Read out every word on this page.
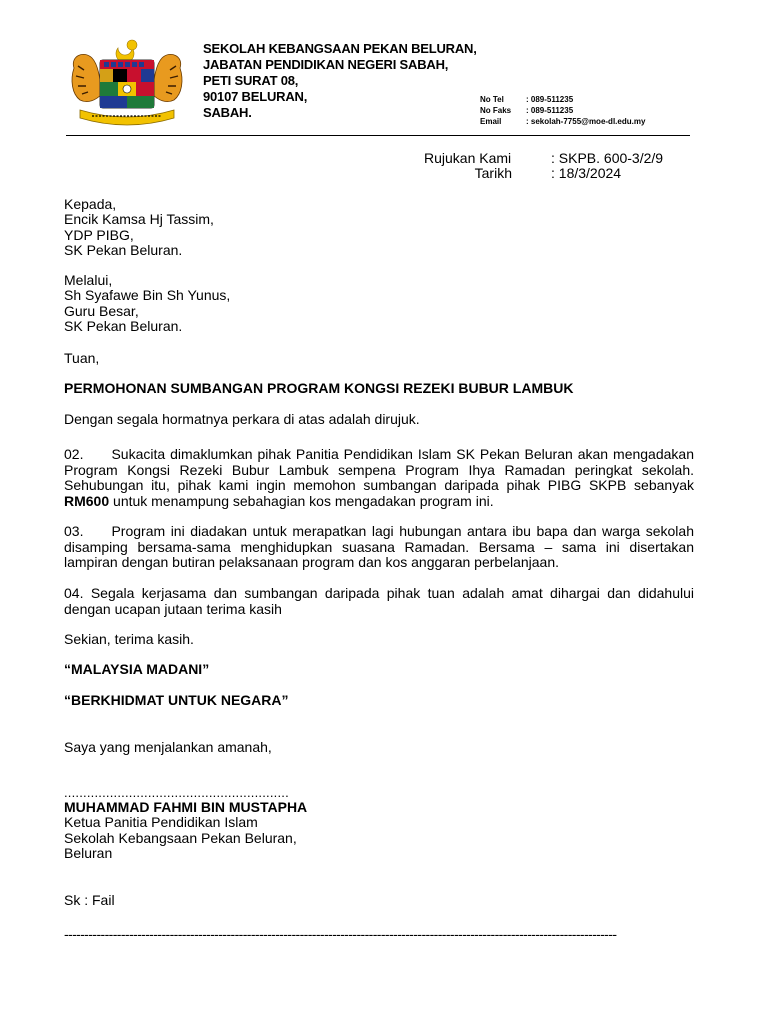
SEKOLAH KEBANGSAAN PEKAN BELURAN,
JABATAN PENDIDIKAN NEGERI SABAH,
PETI SURAT 08,
90107 BELURAN,
SABAH.
No Tel	: 089-511235
No Faks	: 089-511235
Email	: sekolah-7755@moe-dl.edu.my
Rujukan Kami	: SKPB. 600-3/2/9
Tarikh	: 18/3/2024
Kepada,
Encik Kamsa Hj Tassim,
YDP PIBG,
SK Pekan Beluran.
Melalui,
Sh Syafawe Bin Sh Yunus,
Guru Besar,
SK Pekan Beluran.
Tuan,
PERMOHONAN SUMBANGAN PROGRAM KONGSI REZEKI BUBUR LAMBUK
Dengan segala hormatnya perkara di atas adalah dirujuk.
02. Sukacita dimaklumkan pihak Panitia Pendidikan Islam SK Pekan Beluran akan mengadakan Program Kongsi Rezeki Bubur Lambuk sempena Program Ihya Ramadan peringkat sekolah. Sehubungan itu, pihak kami ingin memohon sumbangan daripada pihak PIBG SKPB sebanyak RM600 untuk menampung sebahagian kos mengadakan program ini.
03. Program ini diadakan untuk merapatkan lagi hubungan antara ibu bapa dan warga sekolah disamping bersama-sama menghidupkan suasana Ramadan. Bersama – sama ini disertakan lampiran dengan butiran pelaksanaan program dan kos anggaran perbelanjaan.
04. Segala kerjasama dan sumbangan daripada pihak tuan adalah amat dihargai dan didahului dengan ucapan jutaan terima kasih
Sekian, terima kasih.
“MALAYSIA MADANI”
“BERKHIDMAT UNTUK NEGARA”
Saya yang menjalankan amanah,
...........................................................
MUHAMMAD FAHMI BIN MUSTAPHA
Ketua Panitia Pendidikan Islam
Sekolah Kebangsaan Pekan Beluran,
Beluran
Sk : Fail
----------------------------------------------------------------------------------------------------------------------------------------
